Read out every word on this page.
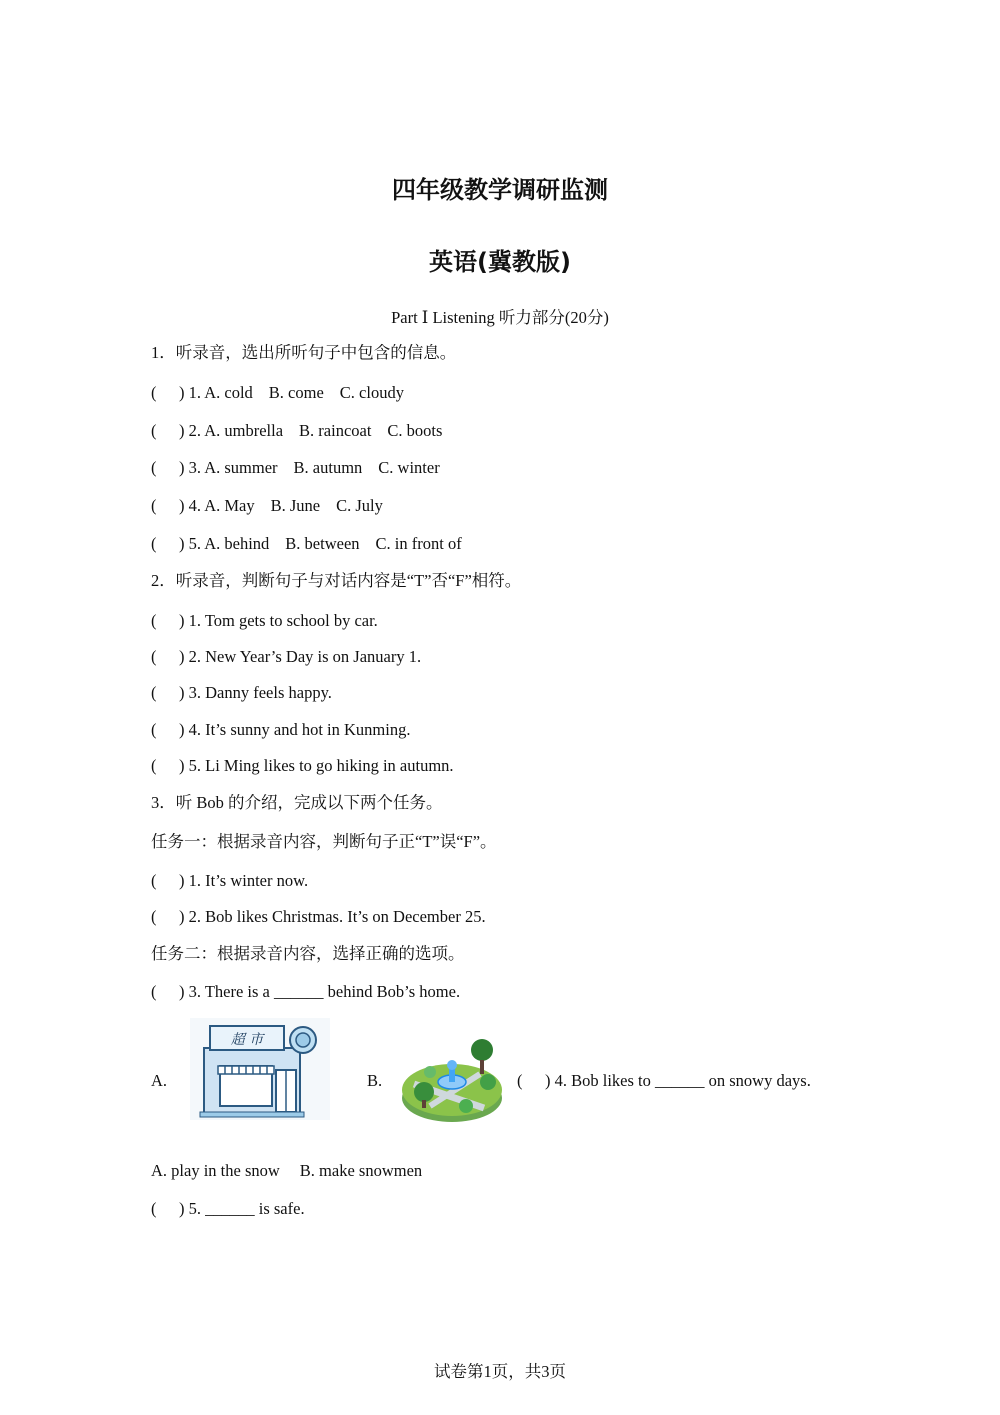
四年级教学调研监测
英语(冀教版)
Part Ⅰ Listening 听力部分(20分)
1．听录音，选出所听句子中包含的信息。
( ) 1. A. cold B. come C. cloudy
( ) 2. A. umbrella B. raincoat C. boots
( ) 3. A. summer B. autumn C. winter
( ) 4. A. May B. June C. July
( ) 5. A. behind B. between C. in front of
2．听录音，判断句子与对话内容是“T”否“F”相符。
( ) 1. Tom gets to school by car.
( ) 2. New Year’s Day is on January 1.
( ) 3. Danny feels happy.
( ) 4. It’s sunny and hot in Kunming.
( ) 5. Li Ming likes to go hiking in autumn.
3．听 Bob 的介绍，完成以下两个任务。
任务一：根据录音内容，判断句子正“T”误“F”。
( ) 1. It’s winter now.
( ) 2. Bob likes Christmas. It’s on December 25.
任务二：根据录音内容，选择正确的选项。
( ) 3. There is a ______ behind Bob’s home.
A.
超 市
B.	( ) 4. Bob likes to ______ on snowy days.
A. play in the snow B. make snowmen
( ) 5. ______ is safe.
试卷第1页，共3页
